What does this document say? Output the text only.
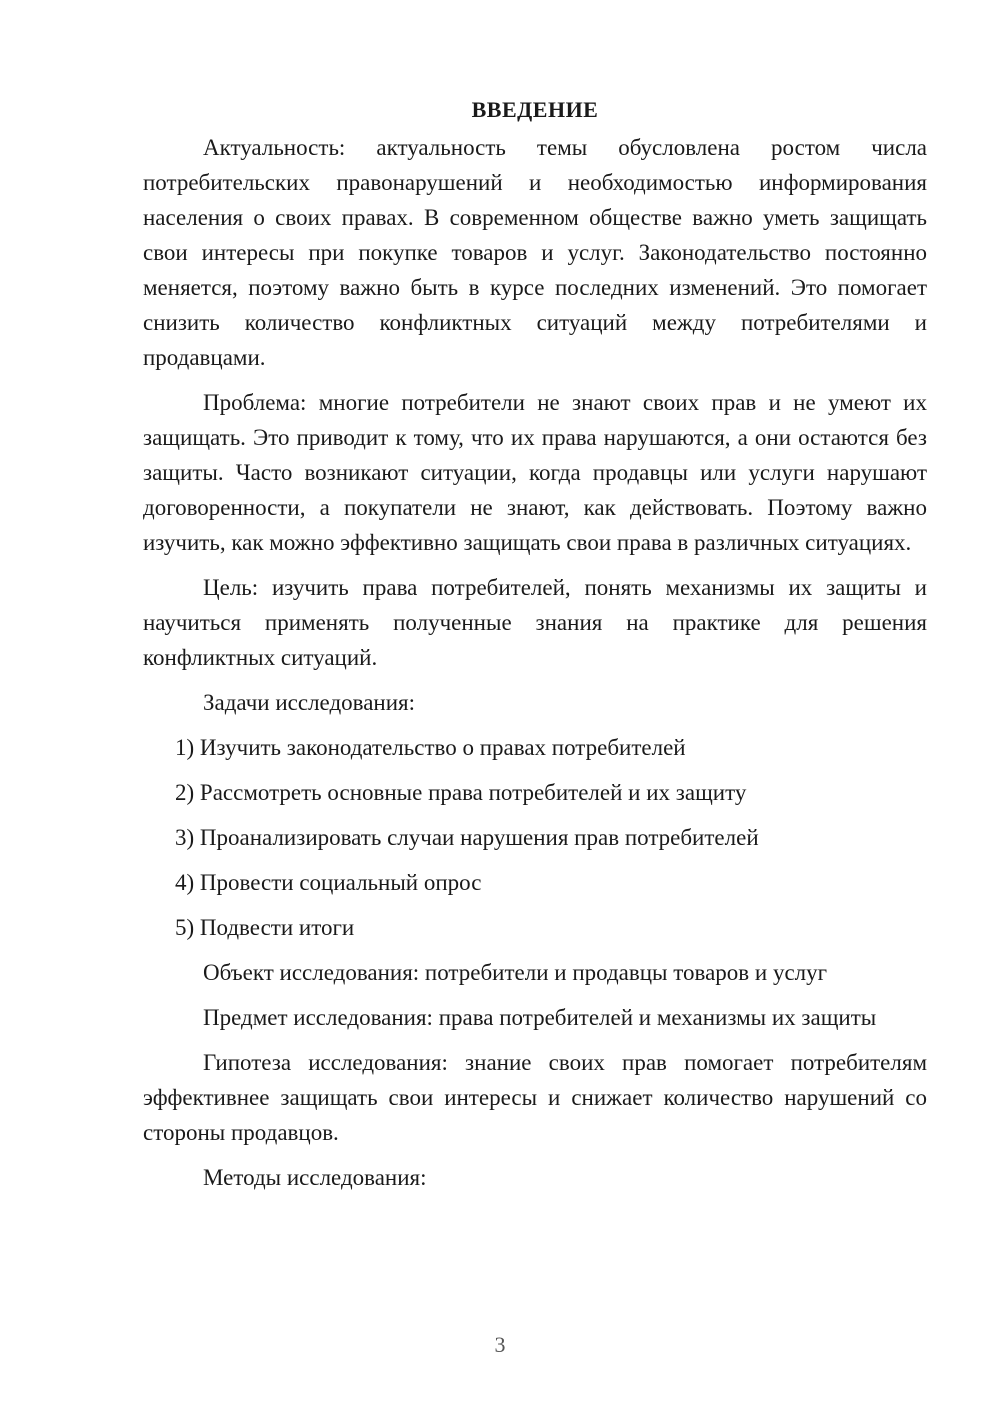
ВВЕДЕНИЕ

Актуальность: актуальность темы обусловлена ростом числа потребительских правонарушений и необходимостью информирования населения о своих правах. В современном обществе важно уметь защищать свои интересы при покупке товаров и услуг. Законодательство постоянно меняется, поэтому важно быть в курсе последних изменений. Это помогает снизить количество конфликтных ситуаций между потребителями и продавцами.

Проблема: многие потребители не знают своих прав и не умеют их защищать. Это приводит к тому, что их права нарушаются, а они остаются без защиты. Часто возникают ситуации, когда продавцы или услуги нарушают договоренности, а покупатели не знают, как действовать. Поэтому важно изучить, как можно эффективно защищать свои права в различных ситуациях.

Цель: изучить права потребителей, понять механизмы их защиты и научиться применять полученные знания на практике для решения конфликтных ситуаций.

Задачи исследования:

1) Изучить законодательство о правах потребителей
2) Рассмотреть основные права потребителей и их защиту
3) Проанализировать случаи нарушения прав потребителей
4) Провести социальный опрос
5) Подвести итоги

Объект исследования: потребители и продавцы товаров и услуг

Предмет исследования: права потребителей и механизмы их защиты

Гипотеза исследования: знание своих прав помогает потребителям эффективнее защищать свои интересы и снижает количество нарушений со стороны продавцов.

Методы исследования:

3
